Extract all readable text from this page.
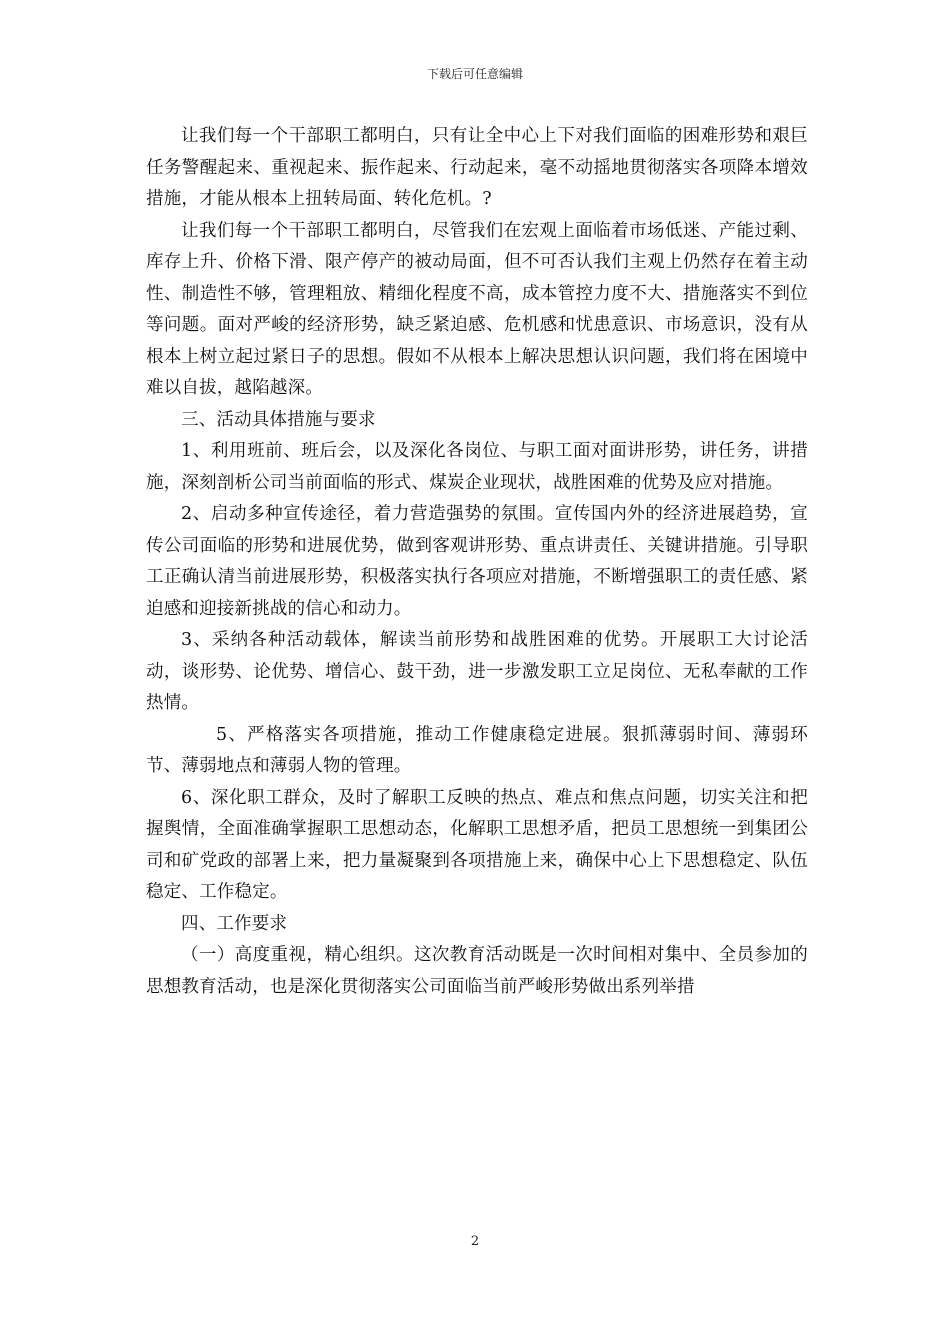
下载后可任意编辑

让我们每一个干部职工都明白，只有让全中心上下对我们面临的困难形势和艰巨任务警醒起来、重视起来、振作起来、行动起来，毫不动摇地贯彻落实各项降本增效措施，才能从根本上扭转局面、转化危机。?

让我们每一个干部职工都明白，尽管我们在宏观上面临着市场低迷、产能过剩、库存上升、价格下滑、限产停产的被动局面，但不可否认我们主观上仍然存在着主动性、制造性不够，管理粗放、精细化程度不高，成本管控力度不大、措施落实不到位等问题。面对严峻的经济形势，缺乏紧迫感、危机感和忧患意识、市场意识，没有从根本上树立起过紧日子的思想。假如不从根本上解决思想认识问题，我们将在困境中难以自拔，越陷越深。

三、活动具体措施与要求

1、利用班前、班后会，以及深化各岗位、与职工面对面讲形势，讲任务，讲措施，深刻剖析公司当前面临的形式、煤炭企业现状，战胜困难的优势及应对措施。

2、启动多种宣传途径，着力营造强势的氛围。宣传国内外的经济进展趋势，宣传公司面临的形势和进展优势，做到客观讲形势、重点讲责任、关键讲措施。引导职工正确认清当前进展形势，积极落实执行各项应对措施，不断增强职工的责任感、紧迫感和迎接新挑战的信心和动力。

3、采纳各种活动载体，解读当前形势和战胜困难的优势。开展职工大讨论活动，谈形势、论优势、增信心、鼓干劲，进一步激发职工立足岗位、无私奉献的工作热情。

5、严格落实各项措施，推动工作健康稳定进展。狠抓薄弱时间、薄弱环节、薄弱地点和薄弱人物的管理。

6、深化职工群众，及时了解职工反映的热点、难点和焦点问题，切实关注和把握舆情，全面准确掌握职工思想动态，化解职工思想矛盾，把员工思想统一到集团公司和矿党政的部署上来，把力量凝聚到各项措施上来，确保中心上下思想稳定、队伍稳定、工作稳定。

四、工作要求

（一）高度重视，精心组织。这次教育活动既是一次时间相对集中、全员参加的思想教育活动，也是深化贯彻落实公司面临当前严峻形势做出系列举措

2
